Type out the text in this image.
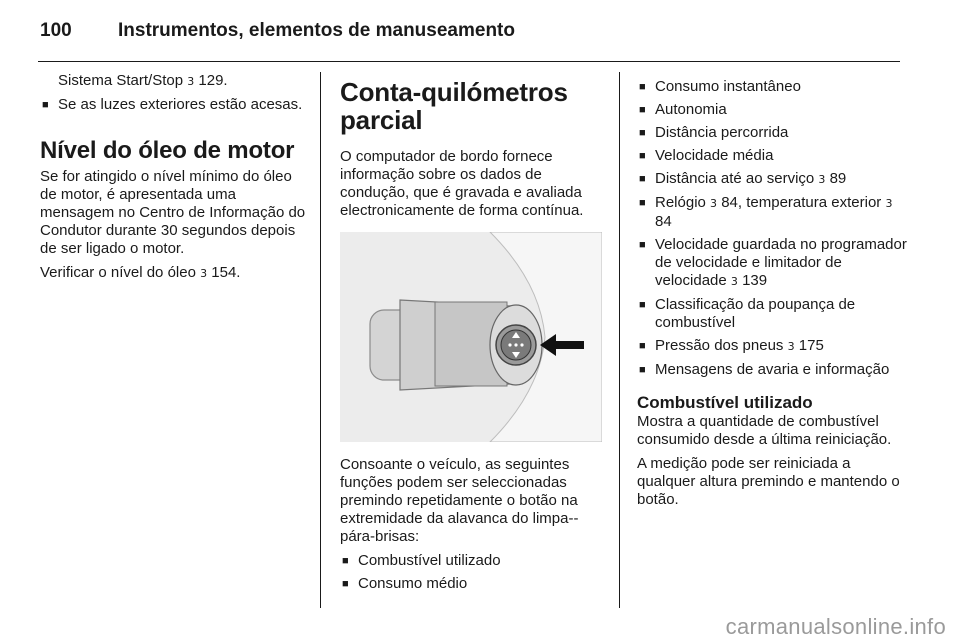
100 Instrumentos, elementos de manuseamento

Sistema Start/Stop 3 129.

■ Se as luzes exteriores estão acesas.
Nível do óleo de motor

Se for atingido o nível mínimo do óleo de motor, é apresentada uma mensagem no Centro de Informação do Condutor durante 30 segundos depois de ser ligado o motor.

Verificar o nível do óleo 3 154.

Conta-quilómetros parcial

O computador de bordo fornece informação sobre os dados de condução, que é gravada e avaliada electronicamente de forma contínua.

Consoante o veículo, as seguintes funções podem ser seleccionadas premindo repetidamente o botão na extremidade da alavanca do limpa--pára-brisas:

■ Combustível utilizado
■ Consumo médio
■ Consumo instantâneo
■ Autonomia
■ Distância percorrida
■ Velocidade média
■ Distância até ao serviço 3 89
■ Relógio 3 84, temperatura exterior 3 84
■ Velocidade guardada no programador de velocidade e limitador de velocidade 3 139
■ Classificação da poupança de combustível
■ Pressão dos pneus 3 175
■ Mensagens de avaria e informação
Combustível utilizado

Mostra a quantidade de combustível consumido desde a última reiniciação.

A medição pode ser reiniciada a qualquer altura premindo e mantendo o botão.

carmanualsonline.info
